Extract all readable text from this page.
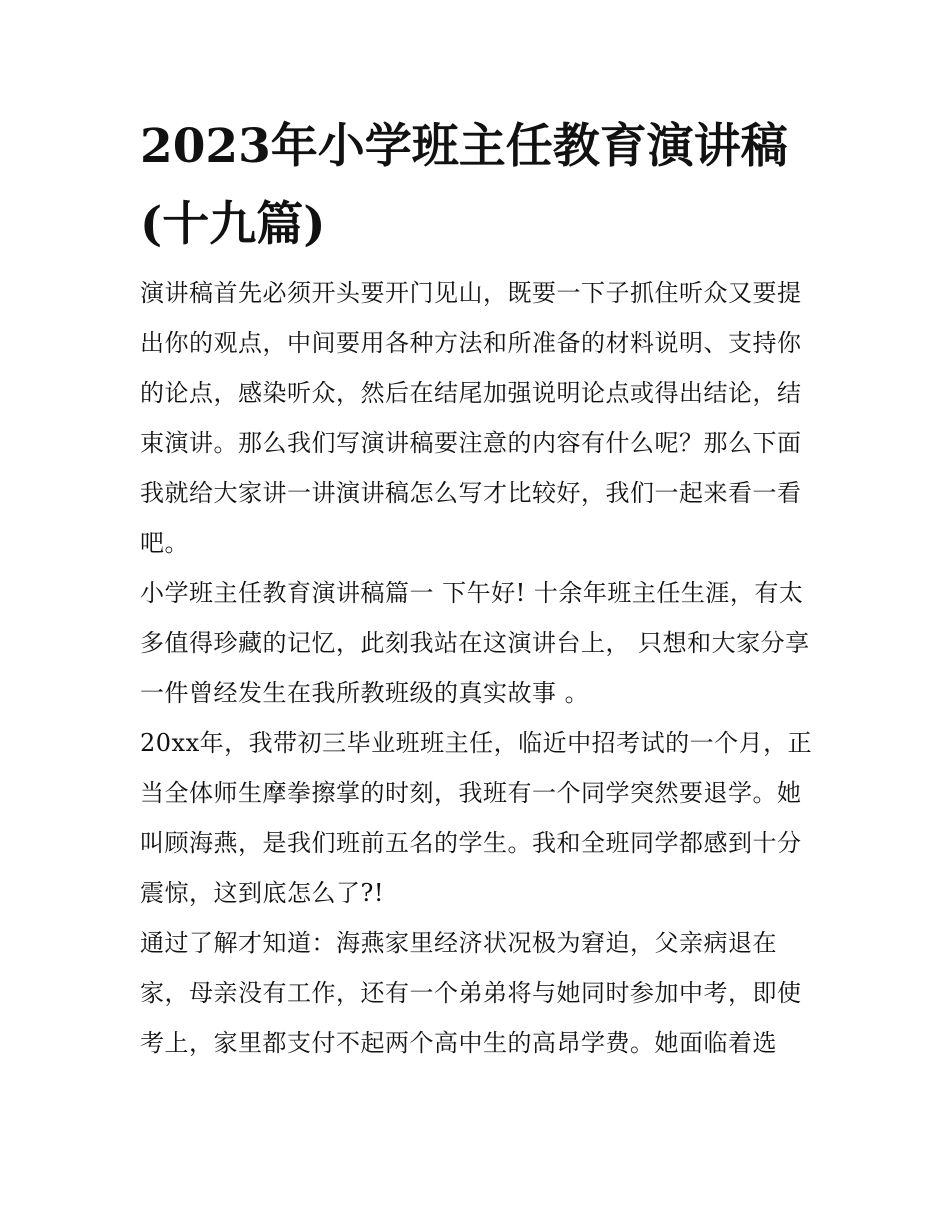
2023年小学班主任教育演讲稿(十九篇)

演讲稿首先必须开头要开门见山，既要一下子抓住听众又要提出你的观点，中间要用各种方法和所准备的材料说明、支持你的论点，感染听众，然后在结尾加强说明论点或得出结论，结束演讲。那么我们写演讲稿要注意的内容有什么呢？那么下面我就给大家讲一讲演讲稿怎么写才比较好，我们一起来看一看吧。

小学班主任教育演讲稿篇一 下午好! 十余年班主任生涯，有太多值得珍藏的记忆，此刻我站在这演讲台上， 只想和大家分享一件曾经发生在我所教班级的真实故事 。

20xx年，我带初三毕业班班主任，临近中招考试的一个月，正当全体师生摩拳擦掌的时刻，我班有一个同学突然要退学。她叫顾海燕，是我们班前五名的学生。我和全班同学都感到十分震惊，这到底怎么了?!

通过了解才知道：海燕家里经济状况极为窘迫，父亲病退在家，母亲没有工作，还有一个弟弟将与她同时参加中考，即使考上，家里都支付不起两个高中生的高昂学费。她面临着选
